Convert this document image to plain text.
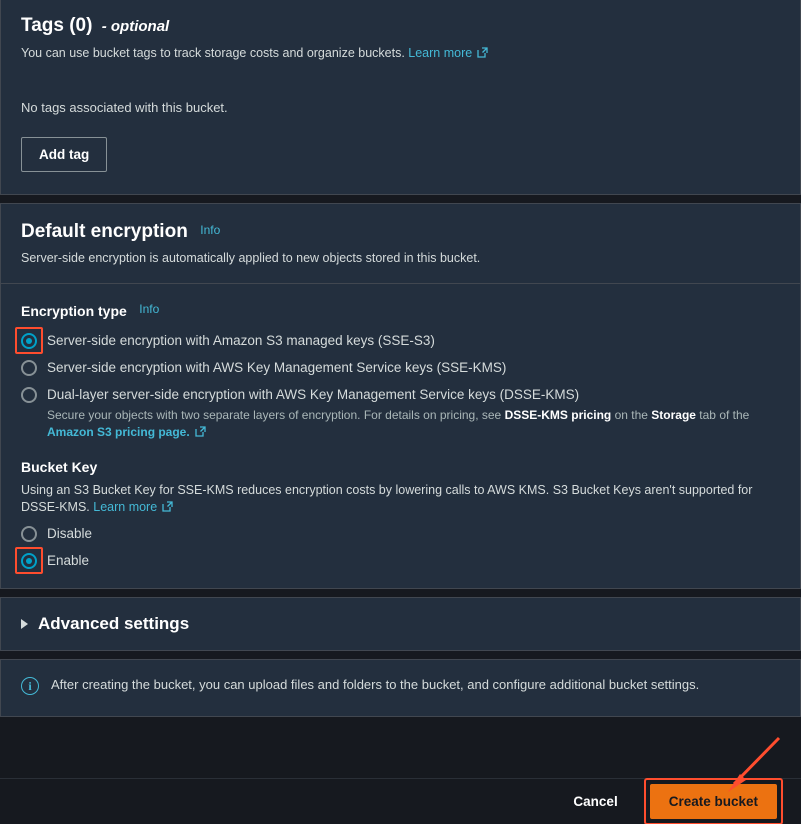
Tags (0) - optional
You can use bucket tags to track storage costs and organize buckets. Learn more
No tags associated with this bucket.
Add tag
Default encryption Info
Server-side encryption is automatically applied to new objects stored in this bucket.
Encryption type Info
Server-side encryption with Amazon S3 managed keys (SSE-S3)
Server-side encryption with AWS Key Management Service keys (SSE-KMS)
Dual-layer server-side encryption with AWS Key Management Service keys (DSSE-KMS)
Secure your objects with two separate layers of encryption. For details on pricing, see DSSE-KMS pricing on the Storage tab of the
Amazon S3 pricing page.
Bucket Key
Using an S3 Bucket Key for SSE-KMS reduces encryption costs by lowering calls to AWS KMS. S3 Bucket Keys aren't supported for DSSE-KMS. Learn more
Disable
Enable
Advanced settings
i	After creating the bucket, you can upload files and folders to the bucket, and configure additional bucket settings.
Cancel	Create bucket
